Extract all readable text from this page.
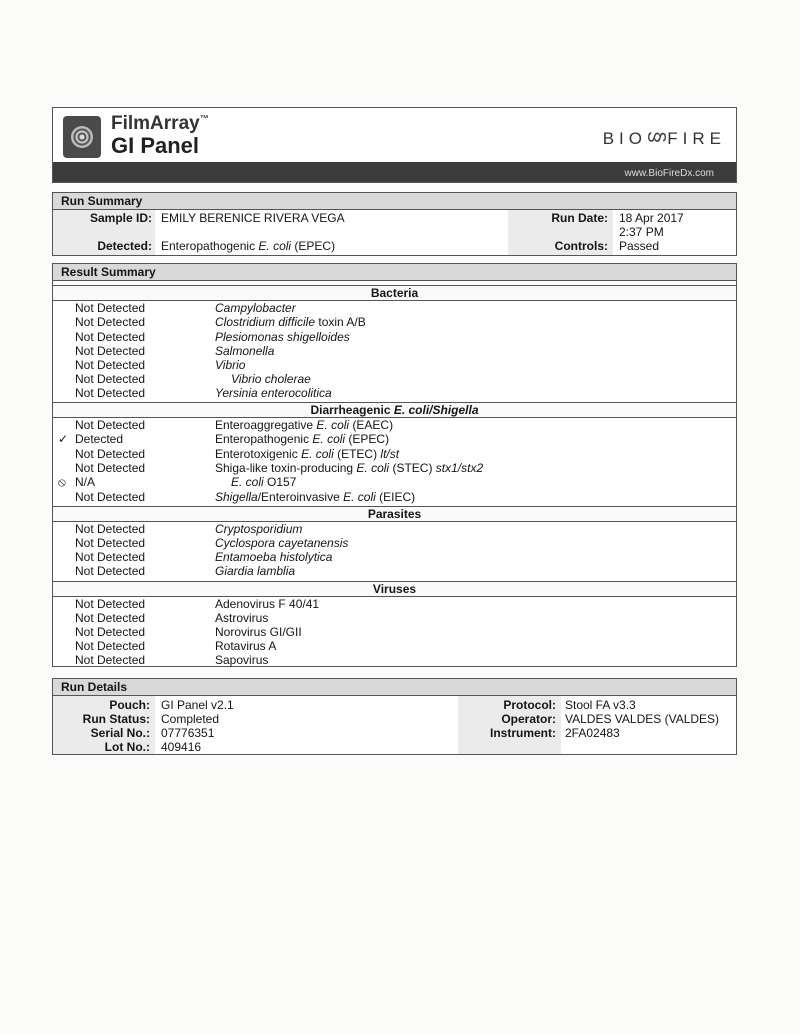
FilmArray™
GI Panel	BIO§FIRE
www.BioFireDx.com
Run Summary
Sample ID: EMILY BERENICE RIVERA VEGA
Detected: Enteropathogenic E. coli (EPEC)
Run Date: 18 Apr 2017
2:37 PM
Controls: Passed
Result Summary
Bacteria
Not Detected	Campylobacter
Not Detected	Clostridium difficile toxin A/B
Not Detected	Plesiomonas shigelloides
Not Detected	Salmonella
Not Detected	Vibrio
Not Detected	Vibrio cholerae
Not Detected	Yersinia enterocolitica
Diarrheagenic E. coli/Shigella
Not Detected	Enteroaggregative E. coli (EAEC)
✓ Detected	Enteropathogenic E. coli (EPEC)
Not Detected	Enterotoxigenic E. coli (ETEC) lt/st
Not Detected	Shiga-like toxin-producing E. coli (STEC) stx1/stx2
⦸ N/A	E. coli O157
Not Detected	Shigella/Enteroinvasive E. coli (EIEC)
Parasites
Not Detected	Cryptosporidium
Not Detected	Cyclospora cayetanensis
Not Detected	Entamoeba histolytica
Not Detected	Giardia lamblia
Viruses
Not Detected	Adenovirus F 40/41
Not Detected	Astrovirus
Not Detected	Norovirus GI/GII
Not Detected	Rotavirus A
Not Detected	Sapovirus
Run Details
Pouch: GI Panel v2.1
Run Status: Completed
Serial No.: 07776351
Lot No.: 409416
Protocol: Stool FA v3.3
Operator: VALDES VALDES (VALDES)
Instrument: 2FA02483
